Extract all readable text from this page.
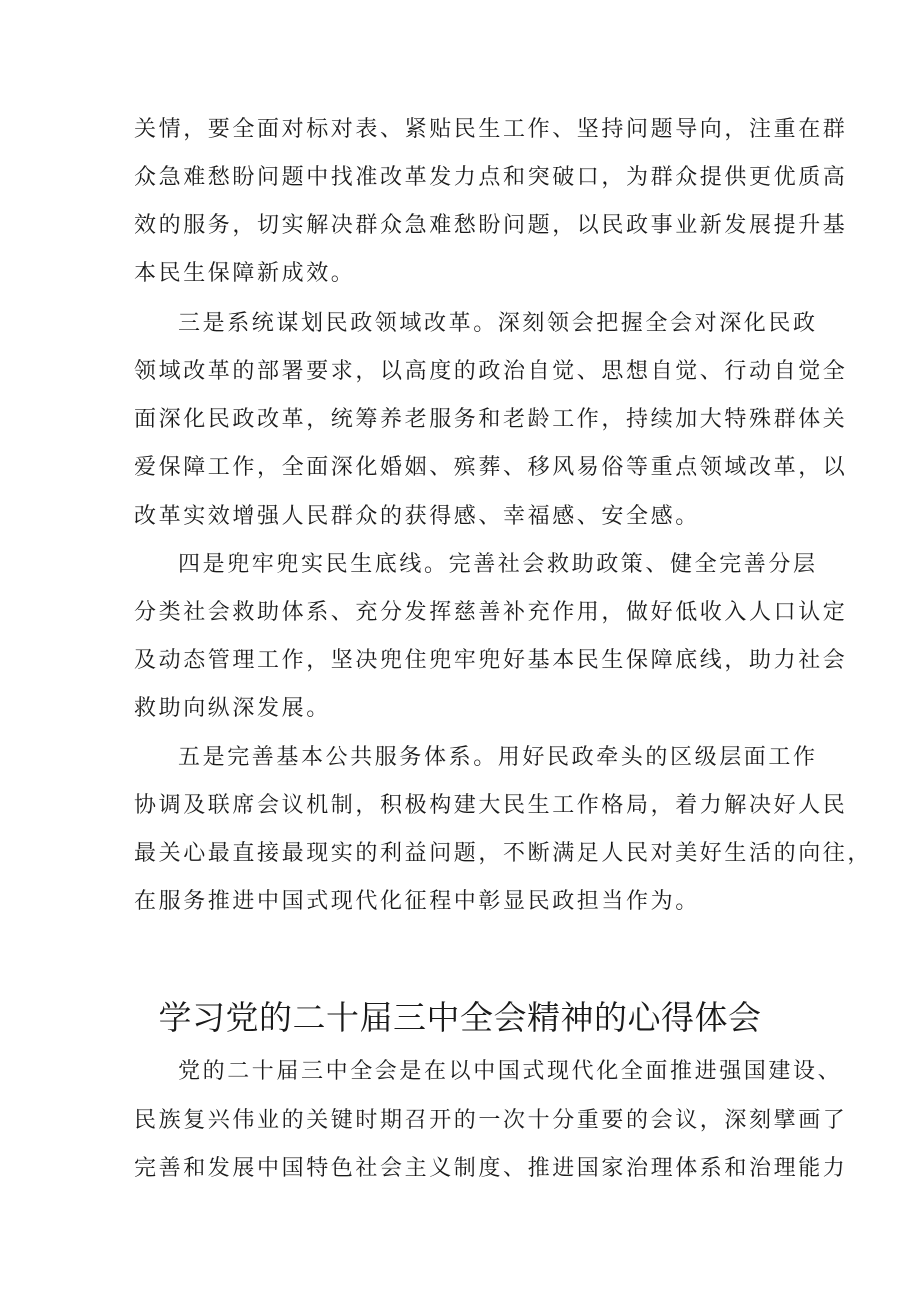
关情，要全面对标对表、紧贴民生工作、坚持问题导向，注重在群
众急难愁盼问题中找准改革发力点和突破口，为群众提供更优质高
效的服务，切实解决群众急难愁盼问题，以民政事业新发展提升基
本民生保障新成效。
三是系统谋划民政领域改革。深刻领会把握全会对深化民政
领域改革的部署要求，以高度的政治自觉、思想自觉、行动自觉全
面深化民政改革，统筹养老服务和老龄工作，持续加大特殊群体关
爱保障工作，全面深化婚姻、殡葬、移风易俗等重点领域改革，以
改革实效增强人民群众的获得感、幸福感、安全感。
四是兜牢兜实民生底线。完善社会救助政策、健全完善分层
分类社会救助体系、充分发挥慈善补充作用，做好低收入人口认定
及动态管理工作，坚决兜住兜牢兜好基本民生保障底线，助力社会
救助向纵深发展。
五是完善基本公共服务体系。用好民政牵头的区级层面工作
协调及联席会议机制，积极构建大民生工作格局，着力解决好人民
最关心最直接最现实的利益问题，不断满足人民对美好生活的向往，
在服务推进中国式现代化征程中彰显民政担当作为。
学习党的二十届三中全会精神的心得体会
党的二十届三中全会是在以中国式现代化全面推进强国建设、
民族复兴伟业的关键时期召开的一次十分重要的会议，深刻擘画了
完善和发展中国特色社会主义制度、推进国家治理体系和治理能力
